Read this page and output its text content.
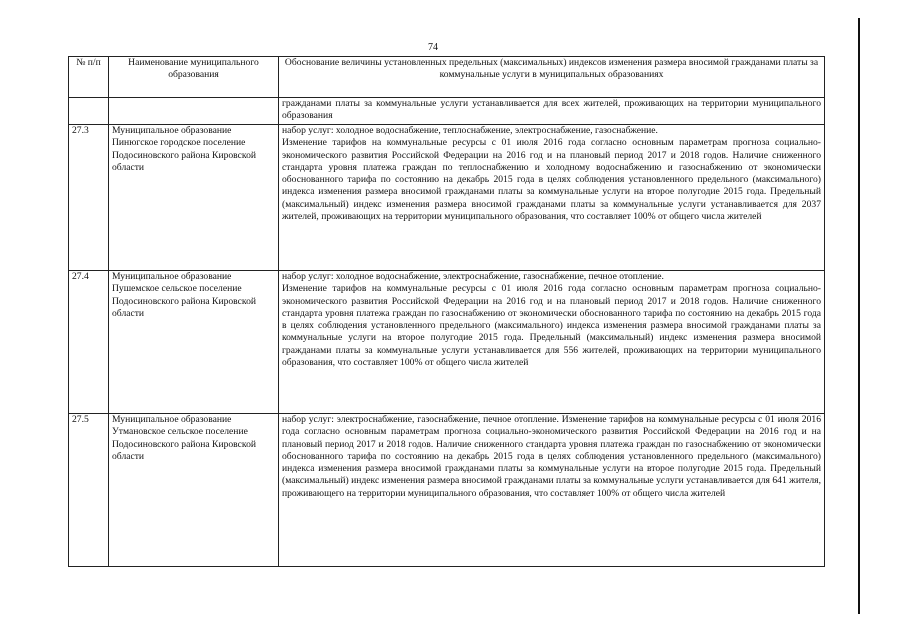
74
№ п/п	Наименование муниципального образования	Обоснование величины установленных предельных (максимальных) индексов изменения размера вносимой гражданами платы за коммунальные услуги в муниципальных образованиях
		гражданами платы за коммунальные услуги устанавливается для всех жителей, проживающих на территории муниципального образования
27.3	Муниципальное образование Пинюгское городское поселение Подосиновского района Кировской области	набор услуг: холодное водоснабжение, теплоснабжение, электроснабжение, газоснабжение.
Изменение тарифов на коммунальные ресурсы с 01 июля 2016 года согласно основным параметрам прогноза социально-экономического развития Российской Федерации на 2016 год и на плановый период 2017 и 2018 годов. Наличие сниженного стандарта уровня платежа граждан по теплоснабжению и холодному водоснабжению и газоснабжению от экономически обоснованного тарифа по состоянию на декабрь 2015 года в целях соблюдения установленного предельного (максимального) индекса изменения размера вносимой гражданами платы за коммунальные услуги на второе полугодие 2015 года. Предельный (максимальный) индекс изменения размера вносимой гражданами платы за коммунальные услуги устанавливается для 2037 жителей, проживающих на территории муниципального образования, что составляет 100% от общего числа жителей

27.4	Муниципальное образование Пушемское сельское поселение Подосиновского района Кировской области	набор услуг: холодное водоснабжение, электроснабжение, газоснабжение, печное отопление.
Изменение тарифов на коммунальные ресурсы с 01 июля 2016 года согласно основным параметрам прогноза социально-экономического развития Российской Федерации на 2016 год и на плановый период 2017 и 2018 годов. Наличие сниженного стандарта уровня платежа граждан по газоснабжению от экономически обоснованного тарифа по состоянию на декабрь 2015 года в целях соблюдения установленного предельного (максимального) индекса изменения размера вносимой гражданами платы за коммунальные услуги на второе полугодие 2015 года. Предельный (максимальный) индекс изменения размера вносимой гражданами платы за коммунальные услуги устанавливается для 556 жителей, проживающих на территории муниципального образования, что составляет 100% от общего числа жителей

27.5	Муниципальное образование Утмановское сельское поселение Подосиновского района Кировской области	набор услуг: электроснабжение, газоснабжение, печное отопление. Изменение тарифов на коммунальные ресурсы с 01 июля 2016 года согласно основным параметрам прогноза социально-экономического развития Российской Федерации на 2016 год и на плановый период 2017 и 2018 годов. Наличие сниженного стандарта уровня платежа граждан по газоснабжению от экономически обоснованного тарифа по состоянию на декабрь 2015 года в целях соблюдения установленного предельного (максимального) индекса изменения размера вносимой гражданами платы за коммунальные услуги на второе полугодие 2015 года. Предельный (максимальный) индекс изменения размера вносимой гражданами платы за коммунальные услуги устанавливается для 641 жителя, проживающего на территории муниципального образования, что составляет 100% от общего числа жителей
